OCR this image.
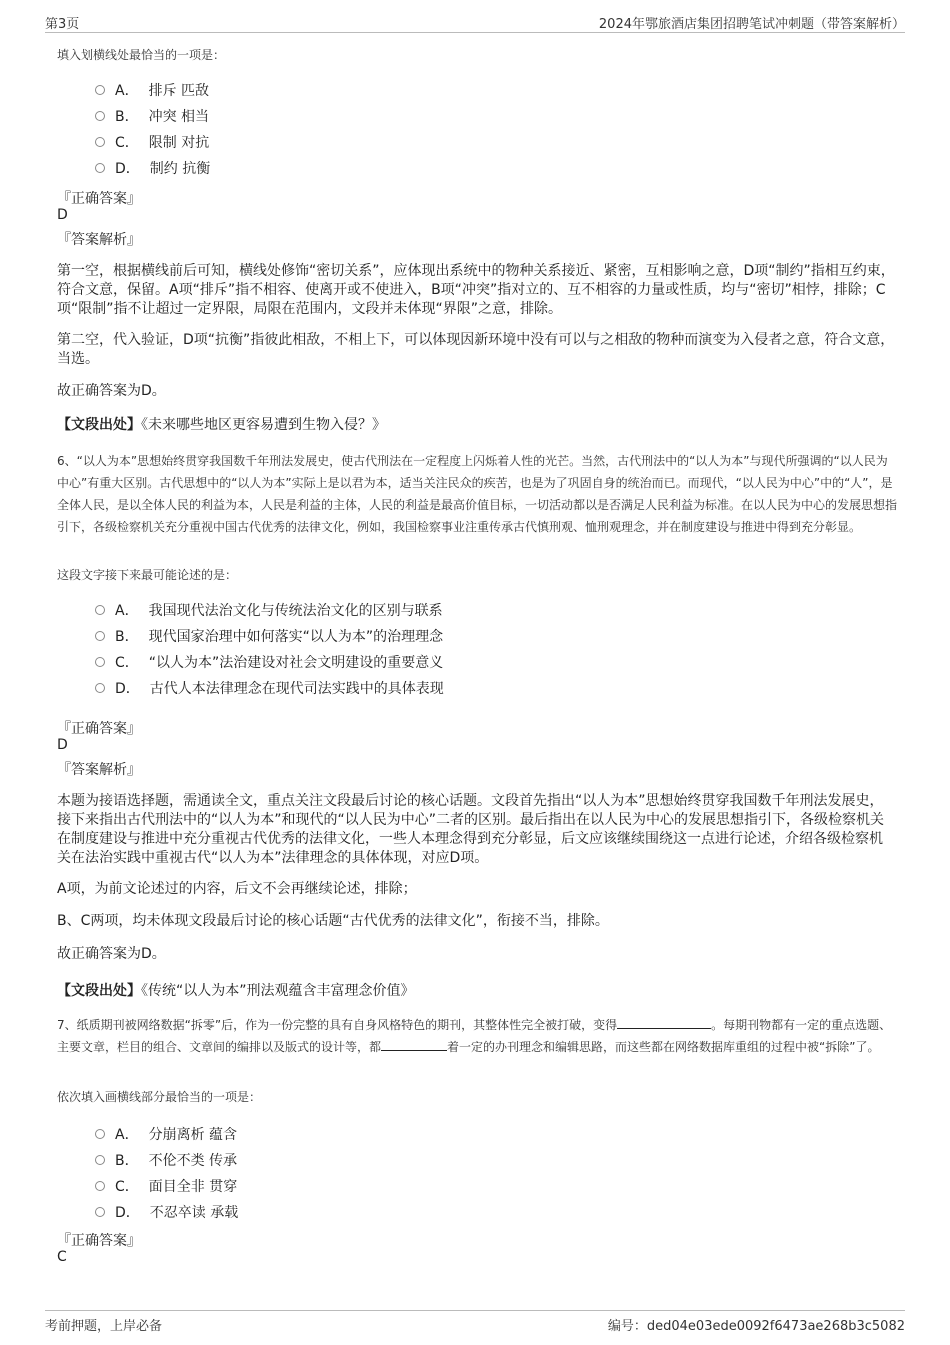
第3页	2024年鄂旅酒店集团招聘笔试冲刺题（带答案解析）
填入划横线处最恰当的一项是：
A． 排斥 匹敌
B． 冲突 相当
C． 限制 对抗
D． 制约 抗衡
『正确答案』
D
『答案解析』
第一空，根据横线前后可知，横线处修饰“密切关系”，应体现出系统中的物种关系接近、紧密，互相影响之意，D项“制约”指相互约束，符合文意，保留。A项“排斥”指不相容、使离开或不使进入，B项“冲突”指对立的、互不相容的力量或性质，均与“密切”相悖，排除；C项“限制”指不让超过一定界限，局限在范围内，文段并未体现“界限”之意，排除。
第二空，代入验证，D项“抗衡”指彼此相敌，不相上下，可以体现因新环境中没有可以与之相敌的物种而演变为入侵者之意，符合文意，当选。
故正确答案为D。
【文段出处】《未来哪些地区更容易遭到生物入侵？》
6、“以人为本”思想始终贯穿我国数千年刑法发展史，使古代刑法在一定程度上闪烁着人性的光芒。当然，古代刑法中的“以人为本”与现代所强调的“以人民为中心”有重大区别。古代思想中的“以人为本”实际上是以君为本，适当关注民众的疾苦，也是为了巩固自身的统治而已。而现代，“以人民为中心”中的“人”，是全体人民，是以全体人民的利益为本，人民是利益的主体，人民的利益是最高价值目标，一切活动都以是否满足人民利益为标准。在以人民为中心的发展思想指引下，各级检察机关充分重视中国古代优秀的法律文化，例如，我国检察事业注重传承古代慎刑观、恤刑观理念，并在制度建设与推进中得到充分彰显。
这段文字接下来最可能论述的是：
A． 我国现代法治文化与传统法治文化的区别与联系
B． 现代国家治理中如何落实“以人为本”的治理理念
C． “以人为本”法治建设对社会文明建设的重要意义
D． 古代人本法律理念在现代司法实践中的具体表现
『正确答案』
D
『答案解析』
本题为接语选择题，需通读全文，重点关注文段最后讨论的核心话题。文段首先指出“以人为本”思想始终贯穿我国数千年刑法发展史，接下来指出古代刑法中的“以人为本”和现代的“以人民为中心”二者的区别。最后指出在以人民为中心的发展思想指引下，各级检察机关在制度建设与推进中充分重视古代优秀的法律文化，一些人本理念得到充分彰显，后文应该继续围绕这一点进行论述，介绍各级检察机关在法治实践中重视古代“以人为本”法律理念的具体体现，对应D项。
A项，为前文论述过的内容，后文不会再继续论述，排除；
B、C两项，均未体现文段最后讨论的核心话题“古代优秀的法律文化”，衔接不当，排除。
故正确答案为D。
【文段出处】《传统“以人为本”刑法观蕴含丰富理念价值》
7、纸质期刊被网络数据“拆零”后，作为一份完整的具有自身风格特色的期刊，其整体性完全被打破，变得	。每期刊物都有一定的重点选题、主要文章，栏目的组合、文章间的编排以及版式的设计等，都	着一定的办刊理念和编辑思路，而这些都在网络数据库重组的过程中被“拆除”了。
依次填入画横线部分最恰当的一项是：
A． 分崩离析 蕴含
B． 不伦不类 传承
C． 面目全非 贯穿
D． 不忍卒读 承载
『正确答案』
C
考前押题，上岸必备	编号：ded04e03ede0092f6473ae268b3c5082
